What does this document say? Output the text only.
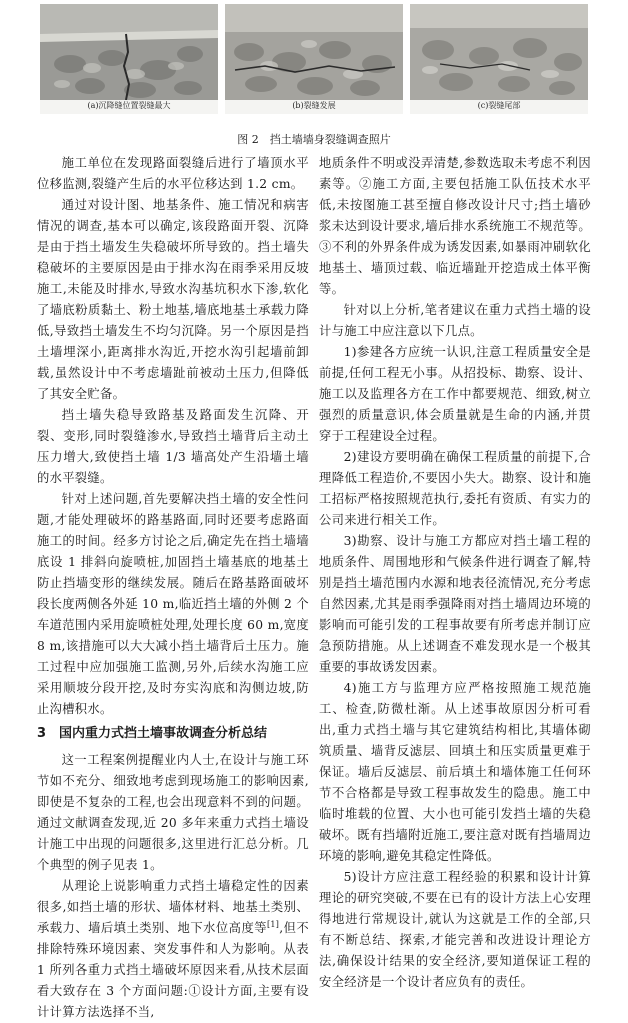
(a)沉降缝位置裂缝最大	(b)裂缝发展	(c)裂缝尾部
图 2　挡土墙墙身裂缝调查照片

施工单位在发现路面裂缝后进行了墙顶水平位移监测,裂缝产生后的水平位移达到 1.2 cm。

通过对设计图、地基条件、施工情况和病害情况的调查,基本可以确定,该段路面开裂、沉降是由于挡土墙发生失稳破坏所导致的。挡土墙失稳破坏的主要原因是由于排水沟在雨季采用反坡施工,未能及时排水,导致水沟基坑积水下渗,软化了墙底粉质黏土、粉土地基,墙底地基土承载力降低,导致挡土墙发生不均匀沉降。另一个原因是挡土墙埋深小,距离排水沟近,开挖水沟引起墙前卸载,虽然设计中不考虑墙趾前被动土压力,但降低了其安全贮备。

挡土墙失稳导致路基及路面发生沉降、开裂、变形,同时裂缝渗水,导致挡土墙背后主动土压力增大,致使挡土墙 1/3 墙高处产生沿墙土墙的水平裂缝。

针对上述问题,首先要解决挡土墙的安全性问题,才能处理破坏的路基路面,同时还要考虑路面施工的时间。经多方讨论之后,确定先在挡土墙墙底设 1 排斜向旋喷桩,加固挡土墙基底的地基土防止挡墙变形的继续发展。随后在路基路面破坏段长度两侧各外延 10 m,临近挡土墙的外侧 2 个车道范围内采用旋喷桩处理,处理长度 60 m,宽度 8 m,该措施可以大大减小挡土墙背后土压力。施工过程中应加强施工监测,另外,后续水沟施工应采用顺坡分段开挖,及时夯实沟底和沟侧边坡,防止沟槽积水。

3　国内重力式挡土墙事故调查分析总结

这一工程案例提醒业内人士,在设计与施工环节如不充分、细致地考虑到现场施工的影响因素,即使是不复杂的工程,也会出现意料不到的问题。通过文献调查发现,近 20 多年来重力式挡土墙设计施工中出现的问题很多,这里进行汇总分析。几个典型的例子见表 1。

从理论上说影响重力式挡土墙稳定性的因素很多,如挡土墙的形状、墙体材料、地基土类别、承载力、墙后填土类别、地下水位高度等[1],但不排除特殊环境因素、突发事件和人为影响。从表 1 所列各重力式挡土墙破坏原因来看,从技术层面看大致存在 3 个方面问题:①设计方面,主要有设计计算方法选择不当,

地质条件不明或没弄清楚,参数选取未考虑不利因素等。②施工方面,主要包括施工队伍技术水平低,未按图施工甚至擅自修改设计尺寸;挡土墙砂浆未达到设计要求,墙后排水系统施工不规范等。③不利的外界条件成为诱发因素,如暴雨冲刷软化地基土、墙顶过载、临近墙趾开挖造成土体平衡等。

针对以上分析,笔者建议在重力式挡土墙的设计与施工中应注意以下几点。

1)参建各方应统一认识,注意工程质量安全是前提,任何工程无小事。从招投标、勘察、设计、施工以及监理各方在工作中都要规范、细致,树立强烈的质量意识,体会质量就是生命的内涵,并贯穿于工程建设全过程。

2)建设方要明确在确保工程质量的前提下,合理降低工程造价,不要因小失大。勘察、设计和施工招标严格按照规范执行,委托有资质、有实力的公司来进行相关工作。

3)勘察、设计与施工方都应对挡土墙工程的地质条件、周围地形和气候条件进行调查了解,特别是挡土墙范围内水源和地表径流情况,充分考虑自然因素,尤其是雨季强降雨对挡土墙周边环境的影响而可能引发的工程事故要有所考虑并制订应急预防措施。从上述调查不难发现水是一个极其重要的事故诱发因素。

4)施工方与监理方应严格按照施工规范施工、检查,防微杜渐。从上述事故原因分析可看出,重力式挡土墙与其它建筑结构相比,其墙体砌筑质量、墙背反滤层、回填土和压实质量更难于保证。墙后反滤层、前后填土和墙体施工任何环节不合格都是导致工程事故发生的隐患。施工中临时堆载的位置、大小也可能引发挡土墙的失稳破坏。既有挡墙附近施工,要注意对既有挡墙周边环境的影响,避免其稳定性降低。

5)设计方应注意工程经验的积累和设计计算理论的研究突破,不要在已有的设计方法上心安理得地进行常规设计,就认为这就是工作的全部,只有不断总结、探索,才能完善和改进设计理论方法,确保设计结果的安全经济,要知道保证工程的安全经济是一个设计者应负有的责任。
